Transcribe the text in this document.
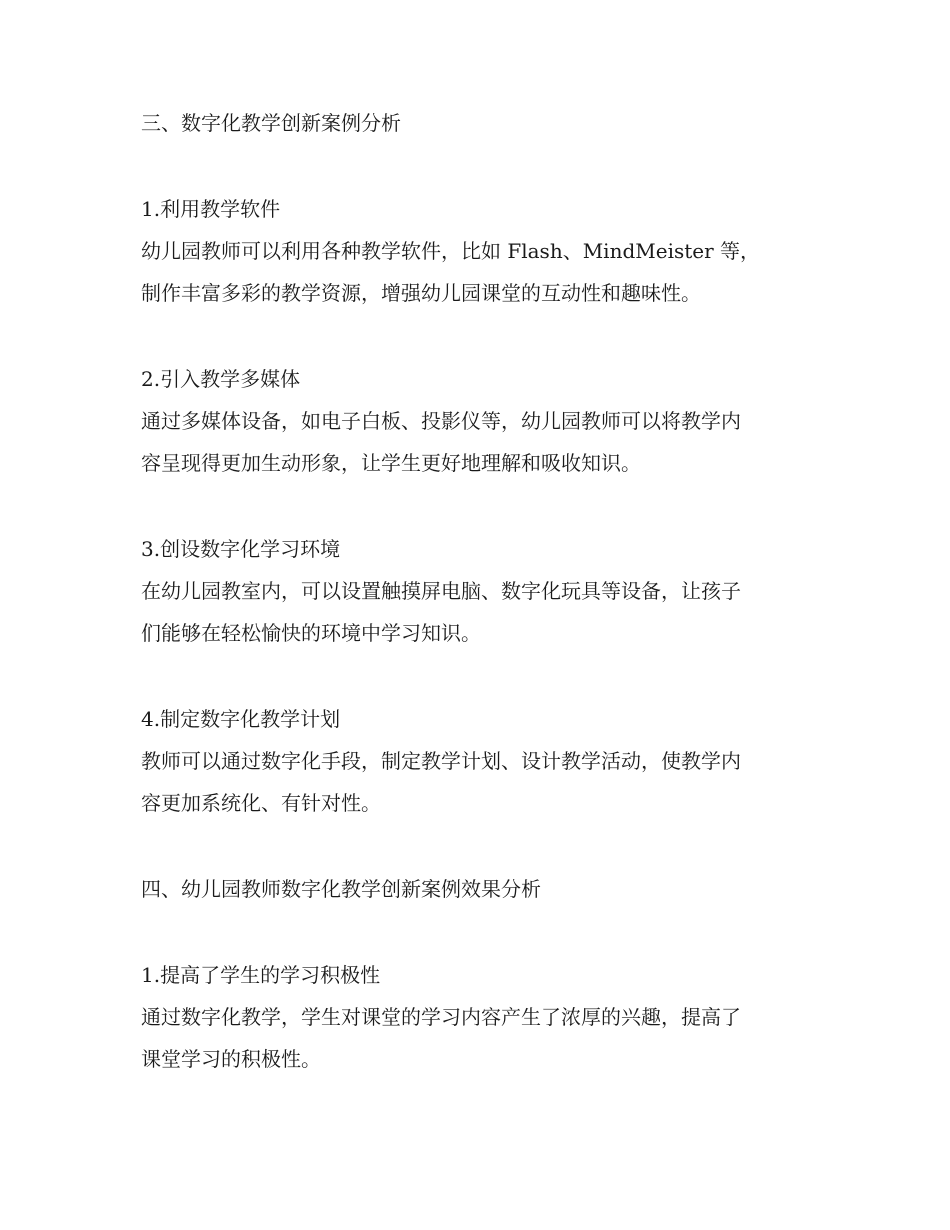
三、数字化教学创新案例分析
1.利用教学软件
幼儿园教师可以利用各种教学软件，比如 Flash、MindMeister 等，
制作丰富多彩的教学资源，增强幼儿园课堂的互动性和趣味性。
2.引入教学多媒体
通过多媒体设备，如电子白板、投影仪等，幼儿园教师可以将教学内
容呈现得更加生动形象，让学生更好地理解和吸收知识。
3.创设数字化学习环境
在幼儿园教室内，可以设置触摸屏电脑、数字化玩具等设备，让孩子
们能够在轻松愉快的环境中学习知识。
4.制定数字化教学计划
教师可以通过数字化手段，制定教学计划、设计教学活动，使教学内
容更加系统化、有针对性。
四、幼儿园教师数字化教学创新案例效果分析
1.提高了学生的学习积极性
通过数字化教学，学生对课堂的学习内容产生了浓厚的兴趣，提高了
课堂学习的积极性。
